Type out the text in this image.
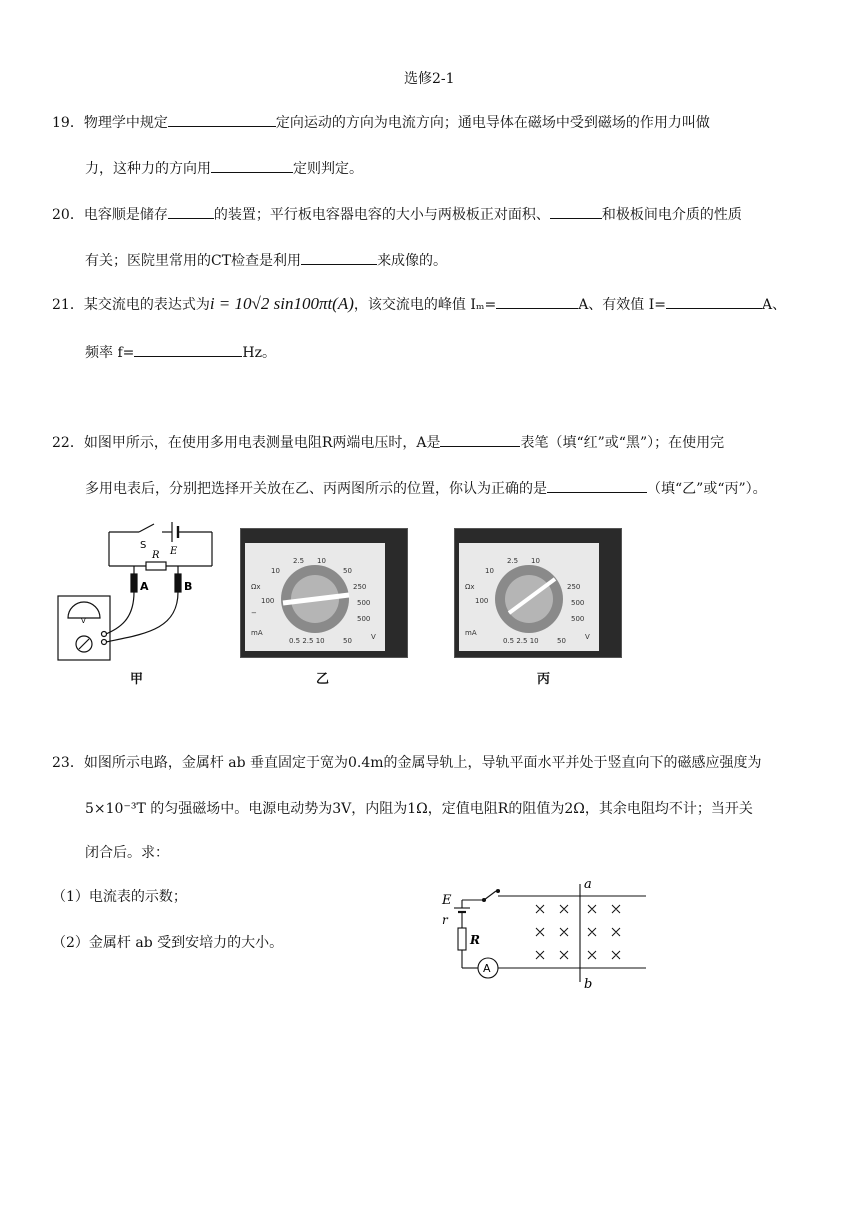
选修2-1
19．物理学中规定	定向运动的方向为电流方向；通电导体在磁场中受到磁场的作用力叫做
力，这种力的方向用	定则判定。
20．电容顺是储存	的装置；平行板电容器电容的大小与两极板正对面积、	和极板间电介质的性质
有关；医院里常用的CT检查是利用	来成像的。
21．某交流电的表达式为i = 10√2 sin100πt(A)，该交流电的峰值 Iₘ=	A、有效值 I=	A、
频率 f=	Hz。
22．如图甲所示，在使用多用电表测量电阻R两端电压时，A是	表笔（填“红”或“黑”）；在使用完
多用电表后，分别把选择开关放在乙、丙两图所示的位置，你认为正确的是	（填“乙”或“丙”）。
S
E
R
A	B
V
10
2.5 10
50
250
Ωx
100
−
500
500
mA
0.5 2.5 10	50	V
10
2.5 10
250
Ωx
100	500
500
mA
0.5 2.5 10	50	V
甲	乙	丙
23．如图所示电路，金属杆 ab 垂直固定于宽为0.4m的金属导轨上，导轨平面水平并处于竖直向下的磁感应强度为
5×10⁻³T 的匀强磁场中。电源电动势为3V，内阻为1Ω，定值电阻R的阻值为2Ω，其余电阻均不计；当开关
闭合后。求：
（1）电流表的示数；
（2）金属杆 ab 受到安培力的大小。
E
r
R
A
a
b
